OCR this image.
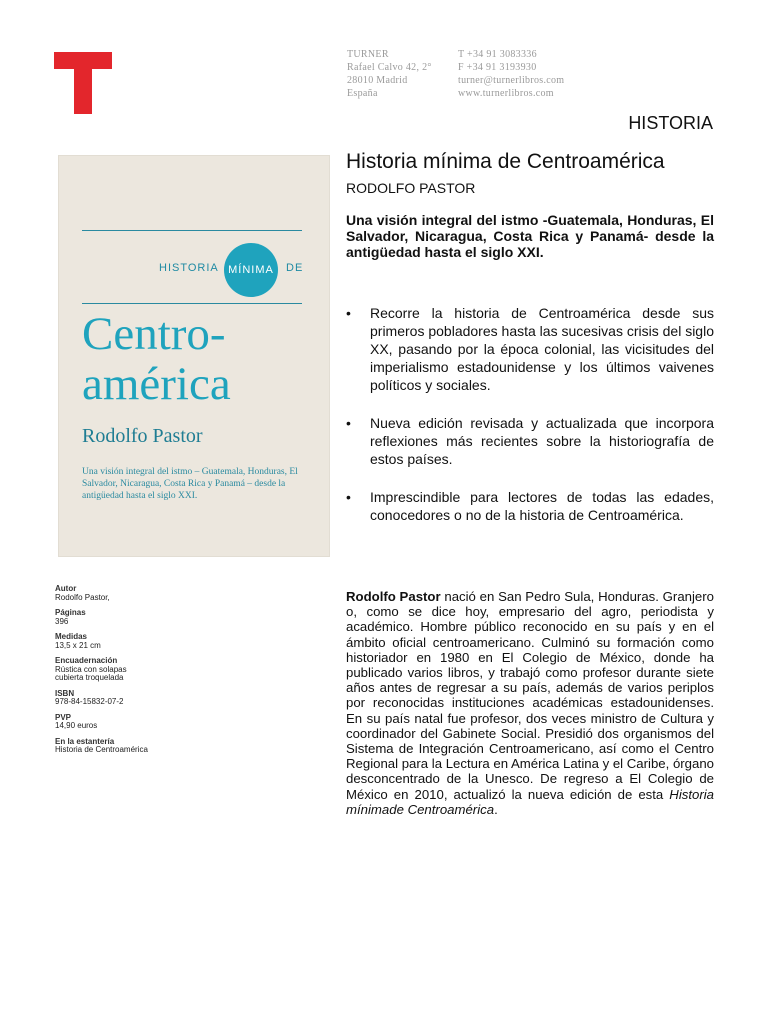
TURNER
Rafael Calvo 42, 2°
28010 Madrid
España
T +34 91 3083336
F +34 91 3193930
turner@turnerlibros.com
www.turnerlibros.com
HISTORIA
HISTORIA MÍNIMA	DE
Centro-
américa
Rodolfo Pastor
Una visión integral del istmo – Guatemala, Honduras, El Salvador, Nicaragua, Costa Rica y Panamá – desde la antigüedad hasta el siglo XXI.
Historia mínima de Centroamérica
RODOLFO PASTOR
Una visión integral del istmo -Guatemala, Honduras, El Salvador, Nicaragua, Costa Rica y Panamá- desde la antigüedad hasta el siglo XXI.
• Recorre la historia de Centroamérica desde sus primeros pobladores hasta las sucesivas crisis del siglo XX, pasando por la época colonial, las vicisitudes del imperialismo estadounidense y los últimos vaivenes políticos y sociales.
• Nueva edición revisada y actualizada que incorpora reflexiones más recientes sobre la historiografía de estos países.
• Imprescindible para lectores de todas las edades, conocedores o no de la historia de Centroamérica.
Autor
Rodolfo Pastor,
Páginas
396
Medidas
13,5 x 21 cm
Encuadernación
Rústica con solapas cubierta troquelada
ISBN
978-84-15832-07-2
PVP
14,90 euros
En la estantería
Historia de Centroamérica
Rodolfo Pastor nació en San Pedro Sula, Honduras. Granjero o, como se dice hoy, empresario del agro, periodista y académico. Hombre público reconocido en su país y en el ámbito oficial centroamericano. Culminó su formación como historiador en 1980 en El Colegio de México, donde ha publicado varios libros, y trabajó como profesor durante siete años antes de regresar a su país, además de varios periplos por reconocidas instituciones académicas estadounidenses. En su país natal fue profesor, dos veces ministro de Cultura y coordinador del Gabinete Social. Presidió dos organismos del Sistema de Integración Centroamericano, así como el Centro Regional para la Lectura en América Latina y el Caribe, órgano desconcentrado de la Unesco. De regreso a El Colegio de México en 2010, actualizó la nueva edición de esta Historia mínimade Centroamérica.
